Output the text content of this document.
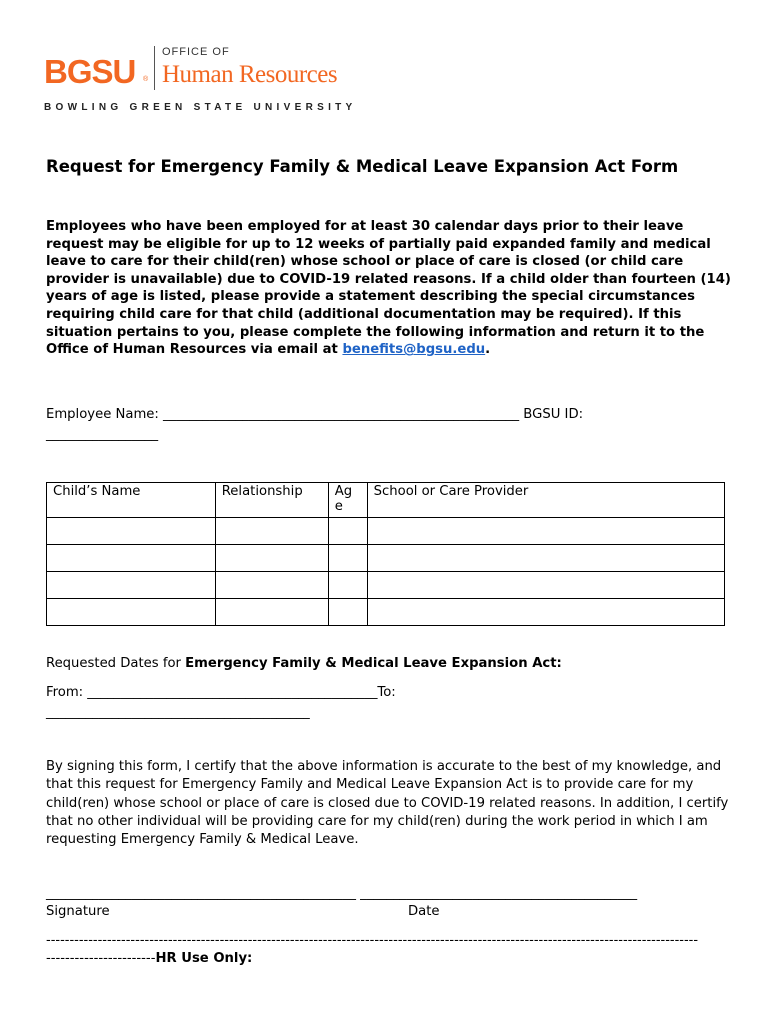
BGSU ®
OFFICE OF
Human Resources
BOWLING GREEN STATE UNIVERSITY
Request for Emergency Family & Medical Leave Expansion Act Form
Employees who have been employed for at least 30 calendar days prior to their leave request may be eligible for up to 12 weeks of partially paid expanded family and medical leave to care for their child(ren) whose school or place of care is closed (or child care provider is unavailable) due to COVID-19 related reasons. If a child older than fourteen (14) years of age is listed, please provide a statement describing the special circumstances requiring child care for that child (additional documentation may be required). If this situation pertains to you, please complete the following information and return it to the Office of Human Resources via email at benefits@bgsu.edu.
Employee Name: ______________________________________________________ BGSU ID:
_________________
Child’s Name	Relationship	Ag e	School or Care Provider

Requested Dates for Emergency Family & Medical Leave Expansion Act:
From: ____________________________________________To:
________________________________________
By signing this form, I certify that the above information is accurate to the best of my knowledge, and that this request for Emergency Family and Medical Leave Expansion Act is to provide care for my child(ren) whose school or place of care is closed due to COVID-19 related reasons. In addition, I certify that no other individual will be providing care for my child(ren) during the work period in which I am requesting Emergency Family & Medical Leave.
_______________________________________________ __________________________________________
Signature	Date
-------------------------------------------------------------------------------------------------------------------------------------------
-----------------------HR Use Only:
